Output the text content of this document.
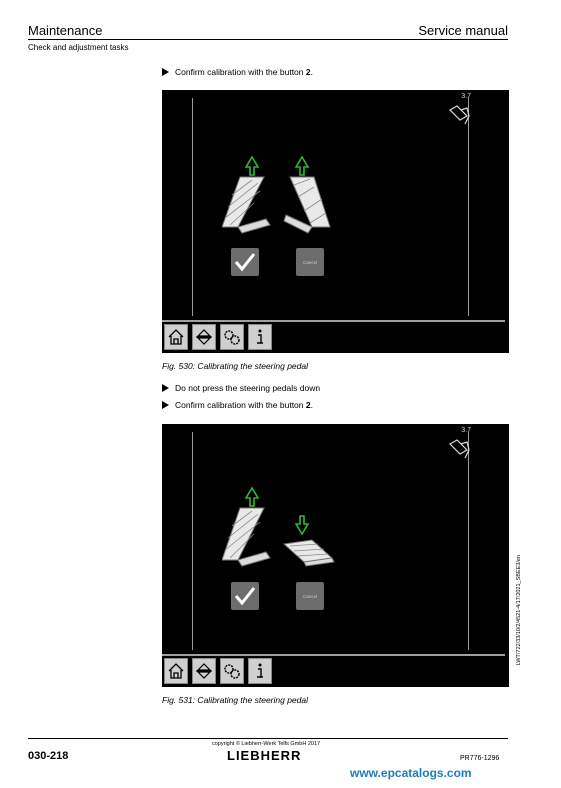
Maintenance	Service manual
Check and adjustment tasks
Confirm calibration with the button 2.
3.7
Cancel
Fig. 530: Calibrating the steering pedal
Do not press the steering pedals down
Confirm calibration with the button 2.
3.7
Cancel
Fig. 531: Calibrating the steering pedal
LWT/722/33/10/2/4521-4/17/2021_SBEE3/en
030-218
copyright © Liebherr-Werk Telfs GmbH 2017
LIEBHERR	PR776-1296
www.epcatalogs.com
